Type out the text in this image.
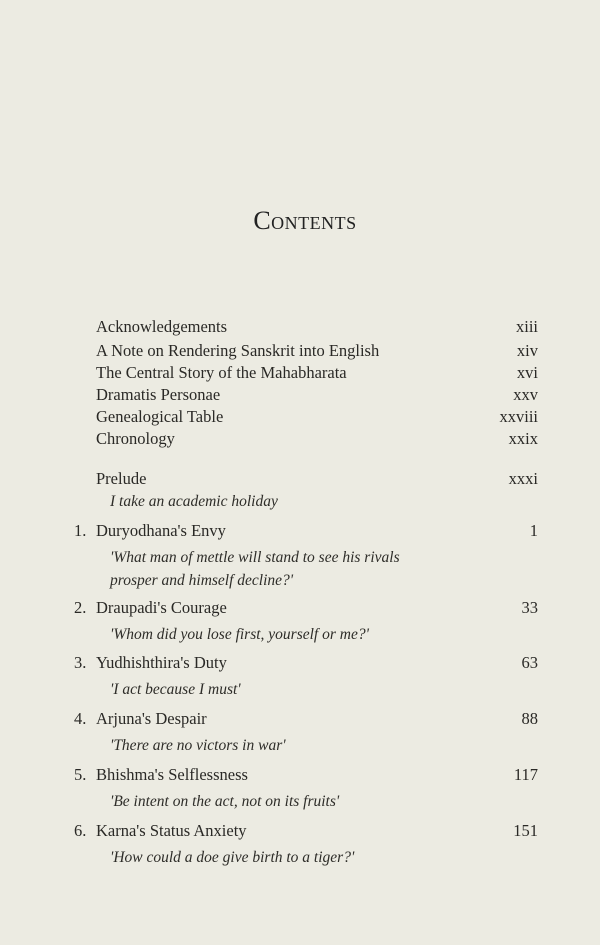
Contents
Acknowledgements	xiii
A Note on Rendering Sanskrit into English	xiv
The Central Story of the Mahabharata	xvi
Dramatis Personae	xxv
Genealogical Table	xxviii
Chronology	xxix
Prelude	xxxi
I take an academic holiday
1. Duryodhana's Envy	1
'What man of mettle will stand to see his rivals
prosper and himself decline?'
2. Draupadi's Courage	33
'Whom did you lose first, yourself or me?'
3. Yudhishthira's Duty	63
'I act because I must'
4. Arjuna's Despair	88
'There are no victors in war'
5. Bhishma's Selflessness	117
'Be intent on the act, not on its fruits'
6. Karna's Status Anxiety	151
'How could a doe give birth to a tiger?'
